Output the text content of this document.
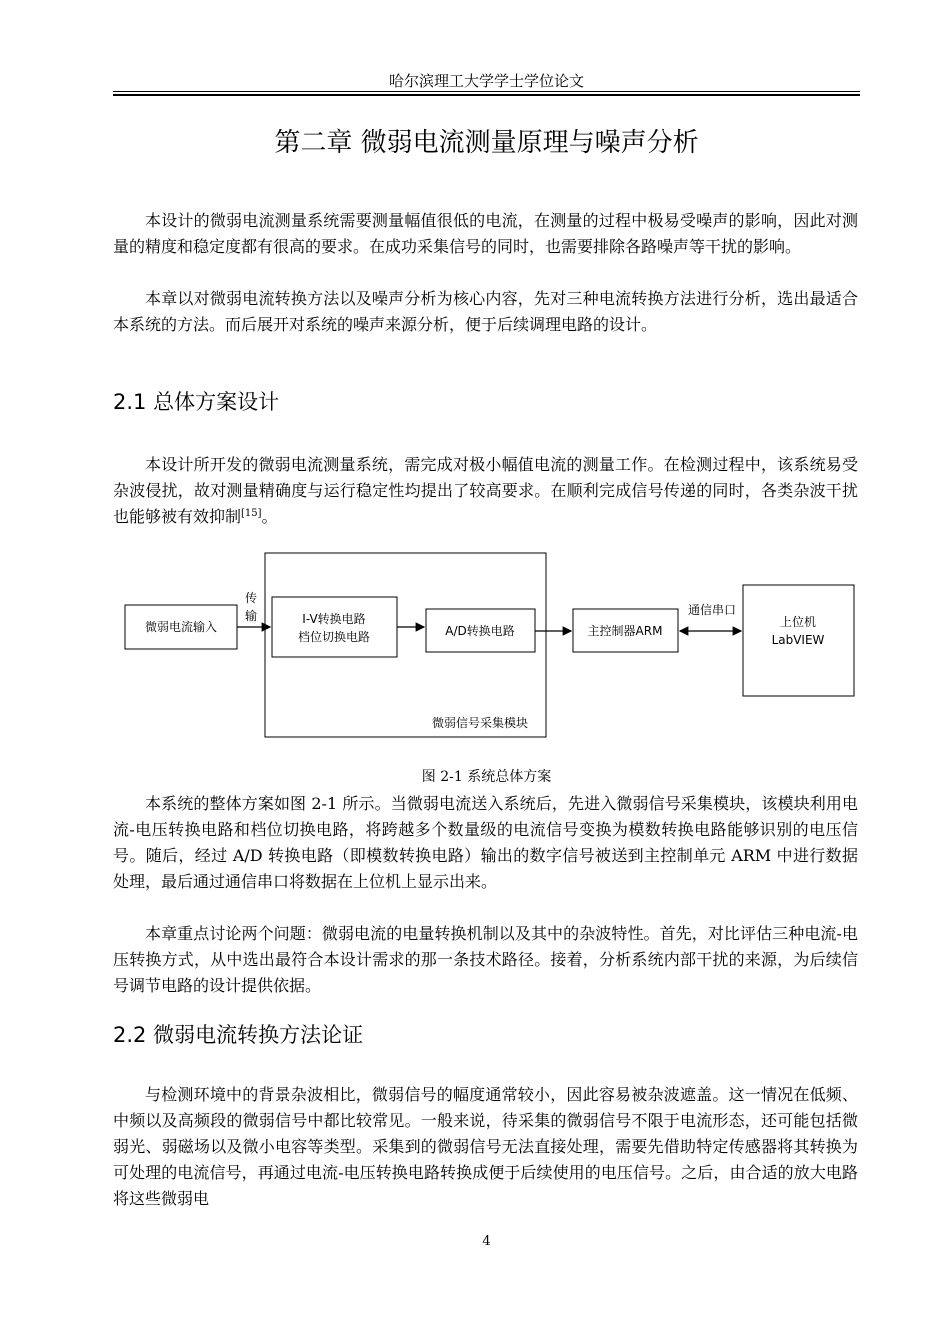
哈尔滨理工大学学士学位论文
第二章 微弱电流测量原理与噪声分析

本设计的微弱电流测量系统需要测量幅值很低的电流，在测量的过程中极易受噪声的影响，因此对测量的精度和稳定度都有很高的要求。在成功采集信号的同时，也需要排除各路噪声等干扰的影响。

本章以对微弱电流转换方法以及噪声分析为核心内容，先对三种电流转换方法进行分析，选出最适合本系统的方法。而后展开对系统的噪声来源分析，便于后续调理电路的设计。

2.1 总体方案设计

本设计所开发的微弱电流测量系统，需完成对极小幅值电流的测量工作。在检测过程中，该系统易受杂波侵扰，故对测量精确度与运行稳定性均提出了较高要求。在顺利完成信号传递的同时，各类杂波干扰也能够被有效抑制[15]。

微弱电流输入
传
输	I-V转换电路
档位切换电路	A/D转换电路	主控制器ARM
通信串口
上位机
LabVIEW
微弱信号采集模块
图 2-1 系统总体方案

本系统的整体方案如图 2-1 所示。当微弱电流送入系统后，先进入微弱信号采集模块，该模块利用电流-电压转换电路和档位切换电路，将跨越多个数量级的电流信号变换为模数转换电路能够识别的电压信号。随后，经过 A/D 转换电路（即模数转换电路）输出的数字信号被送到主控制单元 ARM 中进行数据处理，最后通过通信串口将数据在上位机上显示出来。

本章重点讨论两个问题：微弱电流的电量转换机制以及其中的杂波特性。首先，对比评估三种电流-电压转换方式，从中选出最符合本设计需求的那一条技术路径。接着，分析系统内部干扰的来源，为后续信号调节电路的设计提供依据。

2.2 微弱电流转换方法论证

与检测环境中的背景杂波相比，微弱信号的幅度通常较小，因此容易被杂波遮盖。这一情况在低频、中频以及高频段的微弱信号中都比较常见。一般来说，待采集的微弱信号不限于电流形态，还可能包括微弱光、弱磁场以及微小电容等类型。采集到的微弱信号无法直接处理，需要先借助特定传感器将其转换为可处理的电流信号，再通过电流-电压转换电路转换成便于后续使用的电压信号。之后，由合适的放大电路将这些微弱电

4
